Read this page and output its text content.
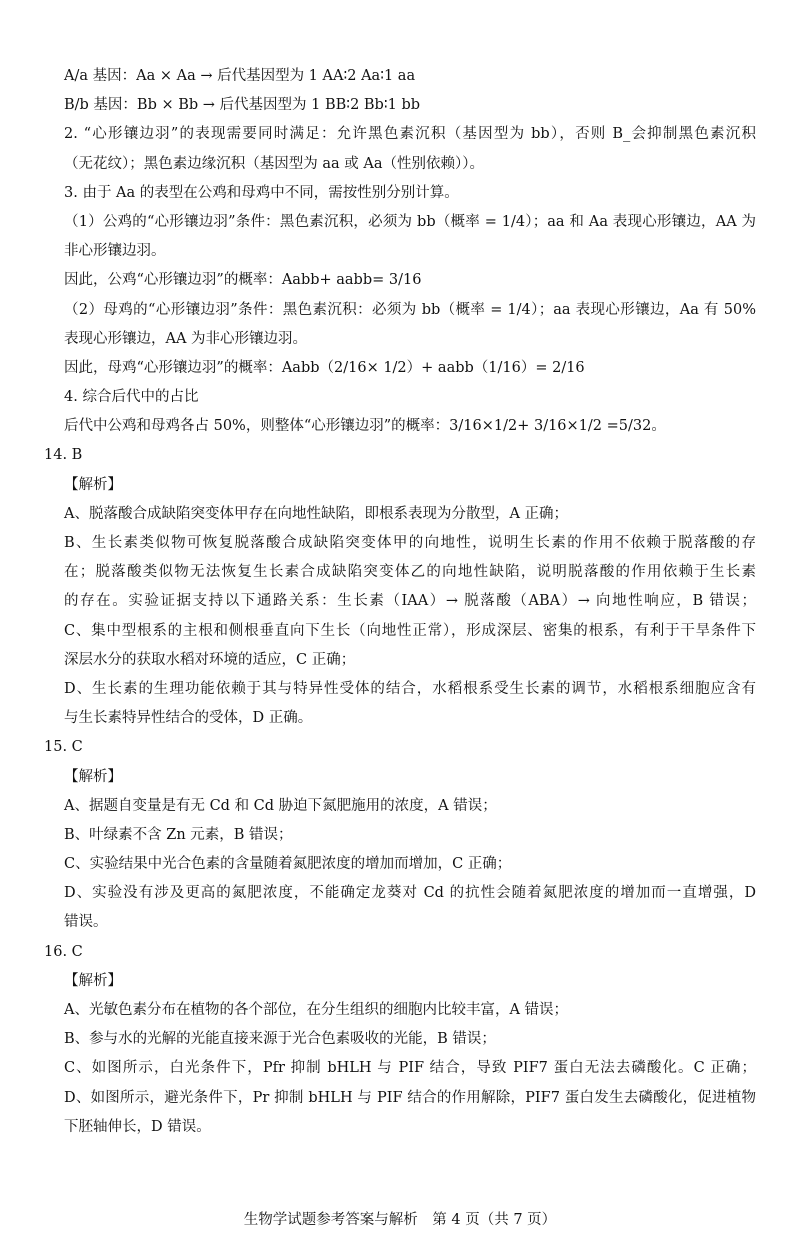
A/a 基因：Aa × Aa → 后代基因型为 1 AA∶2 Aa∶1 aa
B/b 基因：Bb × Bb → 后代基因型为 1 BB∶2 Bb∶1 bb
2. “心形镶边羽”的表现需要同时满足：允许黑色素沉积（基因型为 bb），否则 B_会抑制黑色素沉积
（无花纹）；黑色素边缘沉积（基因型为 aa 或 Aa（性别依赖））。
3. 由于 Aa 的表型在公鸡和母鸡中不同，需按性别分别计算。
（1）公鸡的“心形镶边羽”条件：黑色素沉积，必须为 bb（概率 = 1/4）；aa 和 Aa 表现心形镶边，AA 为
非心形镶边羽。
因此，公鸡“心形镶边羽”的概率：Aabb+ aabb= 3/16
（2）母鸡的“心形镶边羽”条件：黑色素沉积：必须为 bb（概率 = 1/4）；aa 表现心形镶边，Aa 有 50%
表现心形镶边，AA 为非心形镶边羽。
因此，母鸡“心形镶边羽”的概率：Aabb（2/16× 1/2）+ aabb（1/16）= 2/16
4. 综合后代中的占比
后代中公鸡和母鸡各占 50%，则整体“心形镶边羽”的概率：3/16×1/2+ 3/16×1/2 =5/32。
14. B
【解析】
A、脱落酸合成缺陷突变体甲存在向地性缺陷，即根系表现为分散型，A 正确；
B、生长素类似物可恢复脱落酸合成缺陷突变体甲的向地性，说明生长素的作用不依赖于脱落酸的存
在；脱落酸类似物无法恢复生长素合成缺陷突变体乙的向地性缺陷，说明脱落酸的作用依赖于生长素
的存在。实验证据支持以下通路关系：生长素（IAA）→ 脱落酸（ABA）→ 向地性响应，B 错误；
C、集中型根系的主根和侧根垂直向下生长（向地性正常），形成深层、密集的根系，有利于干旱条件下
深层水分的获取水稻对环境的适应，C 正确；
D、生长素的生理功能依赖于其与特异性受体的结合，水稻根系受生长素的调节，水稻根系细胞应含有
与生长素特异性结合的受体，D 正确。
15. C
【解析】
A、据题自变量是有无 Cd 和 Cd 胁迫下氮肥施用的浓度，A 错误；
B、叶绿素不含 Zn 元素，B 错误；
C、实验结果中光合色素的含量随着氮肥浓度的增加而增加，C 正确；
D、实验没有涉及更高的氮肥浓度，不能确定龙葵对 Cd 的抗性会随着氮肥浓度的增加而一直增强，D
错误。
16. C
【解析】
A、光敏色素分布在植物的各个部位，在分生组织的细胞内比较丰富，A 错误；
B、参与水的光解的光能直接来源于光合色素吸收的光能，B 错误；
C、如图所示，白光条件下，Pfr 抑制 bHLH 与 PIF 结合，导致 PIF7 蛋白无法去磷酸化。C 正确；
D、如图所示，避光条件下，Pr 抑制 bHLH 与 PIF 结合的作用解除，PIF7 蛋白发生去磷酸化，促进植物
下胚轴伸长，D 错误。
生物学试题参考答案与解析　第 4 页（共 7 页）
